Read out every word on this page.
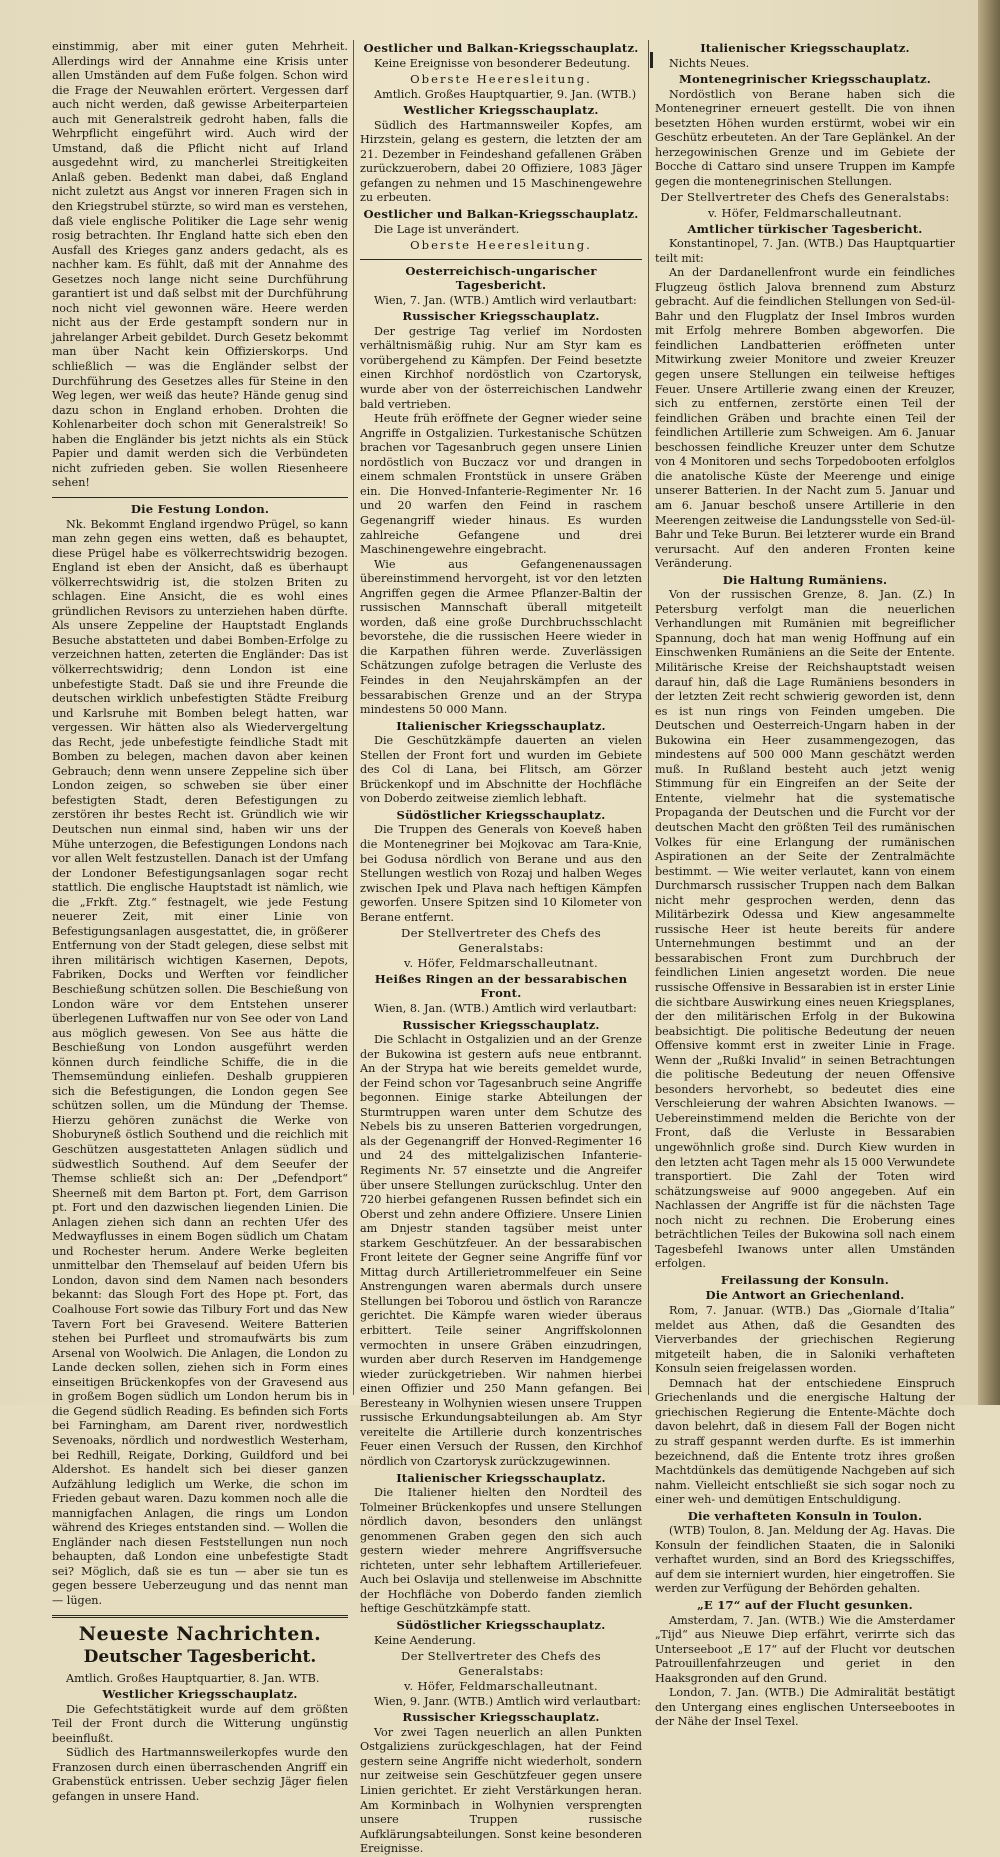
einstimmig, aber mit einer guten Mehrheit. Allerdings wird der Annahme eine Krisis unter allen Umständen auf dem Fuße folgen. Schon wird die Frage der Neuwahlen erörtert. Vergessen darf auch nicht werden, daß gewisse Arbeiterparteien auch mit Generalstreik gedroht haben, falls die Wehrpflicht eingeführt wird. Auch wird der Umstand, daß die Pflicht nicht auf Irland ausgedehnt wird, zu mancherlei Streitigkeiten Anlaß geben. Bedenkt man dabei, daß England nicht zuletzt aus Angst vor inneren Fragen sich in den Kriegstrubel stürzte, so wird man es verstehen, daß viele englische Politiker die Lage sehr wenig rosig betrachten. Ihr England hatte sich eben den Ausfall des Krieges ganz anders gedacht, als es nachher kam. Es fühlt, daß mit der Annahme des Gesetzes noch lange nicht seine Durchführung garantiert ist und daß selbst mit der Durchführung noch nicht viel gewonnen wäre. Heere werden nicht aus der Erde gestampft sondern nur in jahrelanger Arbeit gebildet. Durch Gesetz bekommt man über Nacht kein Offizierskorps. Und schließlich — was die Engländer selbst der Durchführung des Gesetzes alles für Steine in den Weg legen, wer weiß das heute? Hände genug sind dazu schon in England erhoben. Drohten die Kohlenarbeiter doch schon mit Generalstreik! So haben die Engländer bis jetzt nichts als ein Stück Papier und damit werden sich die Verbündeten nicht zufrieden geben. Sie wollen Riesenheere sehen!

Die Festung London.

Nk. Bekommt England irgendwo Prügel, so kann man zehn gegen eins wetten, daß es behauptet, diese Prügel habe es völkerrechtswidrig bezogen. England ist eben der Ansicht, daß es überhaupt völkerrechtswidrig ist, die stolzen Briten zu schlagen. Eine Ansicht, die es wohl eines gründlichen Revisors zu unterziehen haben dürfte. Als unsere Zeppeline der Hauptstadt Englands Besuche abstatteten und dabei Bomben-Erfolge zu verzeichnen hatten, zeterten die Engländer: Das ist völkerrechtswidrig; denn London ist eine unbefestigte Stadt. Daß sie und ihre Freunde die deutschen wirklich unbefestigten Städte Freiburg und Karlsruhe mit Bomben belegt hatten, war vergessen. Wir hätten also als Wiedervergeltung das Recht, jede unbefestigte feindliche Stadt mit Bomben zu belegen, machen davon aber keinen Gebrauch; denn wenn unsere Zeppeline sich über London zeigen, so schweben sie über einer befestigten Stadt, deren Befestigungen zu zerstören ihr bestes Recht ist. Gründlich wie wir Deutschen nun einmal sind, haben wir uns der Mühe unterzogen, die Befestigungen Londons nach vor allen Welt festzustellen. Danach ist der Umfang der Londoner Befestigungsanlagen sogar recht stattlich. Die englische Hauptstadt ist nämlich, wie die „Frkft. Ztg.“ festnagelt, wie jede Festung neuerer Zeit, mit einer Linie von Befestigungsanlagen ausgestattet, die, in größerer Entfernung von der Stadt gelegen, diese selbst mit ihren militärisch wichtigen Kasernen, Depots, Fabriken, Docks und Werften vor feindlicher Beschießung schützen sollen. Die Beschießung von London wäre vor dem Entstehen unserer überlegenen Luftwaffen nur von See oder von Land aus möglich gewesen. Von See aus hätte die Beschießung von London ausgeführt werden können durch feindliche Schiffe, die in die Themsemündung einliefen. Deshalb gruppieren sich die Befestigungen, die London gegen See schützen sollen, um die Mündung der Themse. Hierzu gehören zunächst die Werke von Shoburyneß östlich Southend und die reichlich mit Geschützen ausgestatteten Anlagen südlich und südwestlich Southend. Auf dem Seeufer der Themse schließt sich an: Der „Defendport“ Sheerneß mit dem Barton pt. Fort, dem Garrison pt. Fort und den dazwischen liegenden Linien. Die Anlagen ziehen sich dann an rechten Ufer des Medwayflusses in einem Bogen südlich um Chatam und Rochester herum. Andere Werke begleiten unmittelbar den Themselauf auf beiden Ufern bis London, davon sind dem Namen nach besonders bekannt: das Slough Fort des Hope pt. Fort, das Coalhouse Fort sowie das Tilbury Fort und das New Tavern Fort bei Gravesend. Weitere Batterien stehen bei Purfleet und stromaufwärts bis zum Arsenal von Woolwich. Die Anlagen, die London zu Lande decken sollen, ziehen sich in Form eines einseitigen Brückenkopfes von der Gravesend aus in großem Bogen südlich um London herum bis in die Gegend südlich Reading. Es befinden sich Forts bei Farningham, am Darent river, nordwestlich Sevenoaks, nördlich und nordwestlich Westerham, bei Redhill, Reigate, Dorking, Guildford und bei Aldershot. Es handelt sich bei dieser ganzen Aufzählung lediglich um Werke, die schon im Frieden gebaut waren. Dazu kommen noch alle die mannigfachen Anlagen, die rings um London während des Krieges entstanden sind. — Wollen die Engländer nach diesen Feststellungen nun noch behaupten, daß London eine unbefestigte Stadt sei? Möglich, daß sie es tun — aber sie tun es gegen bessere Ueberzeugung und das nennt man — lügen.

Neueste Nachrichten.
Deutscher Tagesbericht.

Amtlich. Großes Hauptquartier, 8. Jan. WTB.

Westlicher Kriegsschauplatz.

Die Gefechtstätigkeit wurde auf dem größten Teil der Front durch die Witterung ungünstig beeinflußt.

Südlich des Hartmannsweilerkopfes wurde den Franzosen durch einen überraschenden Angriff ein Grabenstück entrissen. Ueber sechzig Jäger fielen gefangen in unsere Hand.

Oestlicher und Balkan-Kriegsschauplatz.

Keine Ereignisse von besonderer Bedeutung.

Oberste Heeresleitung.

Amtlich. Großes Hauptquartier, 9. Jan. (WTB.)

Westlicher Kriegsschauplatz.

Südlich des Hartmannsweiler Kopfes, am Hirzstein, gelang es gestern, die letzten der am 21. Dezember in Feindeshand gefallenen Gräben zurückzuerobern, dabei 20 Offiziere, 1083 Jäger gefangen zu nehmen und 15 Maschinengewehre zu erbeuten.

Oestlicher und Balkan-Kriegsschauplatz.

Die Lage ist unverändert.

Oberste Heeresleitung.
Oesterreichisch-ungarischer Tagesbericht.

Wien, 7. Jan. (WTB.) Amtlich wird verlautbart:

Russischer Kriegsschauplatz.

Der gestrige Tag verlief im Nordosten verhältnismäßig ruhig. Nur am Styr kam es vorübergehend zu Kämpfen. Der Feind besetzte einen Kirchhof nordöstlich von Czartorysk, wurde aber von der österreichischen Landwehr bald vertrieben.

Heute früh eröffnete der Gegner wieder seine Angriffe in Ostgalizien. Turkestanische Schützen brachen vor Tagesanbruch gegen unsere Linien nordöstlich von Buczacz vor und drangen in einem schmalen Frontstück in unsere Gräben ein. Die Honved-Infanterie-Regimenter Nr. 16 und 20 warfen den Feind in raschem Gegenangriff wieder hinaus. Es wurden zahlreiche Gefangene und drei Maschinengewehre eingebracht.

Wie aus Gefangenenaussagen übereinstimmend hervorgeht, ist vor den letzten Angriffen gegen die Armee Pflanzer-Baltin der russischen Mannschaft überall mitgeteilt worden, daß eine große Durchbruchsschlacht bevorstehe, die die russischen Heere wieder in die Karpathen führen werde. Zuverlässigen Schätzungen zufolge betragen die Verluste des Feindes in den Neujahrskämpfen an der bessarabischen Grenze und an der Strypa mindestens 50 000 Mann.

Italienischer Kriegsschauplatz.

Die Geschützkämpfe dauerten an vielen Stellen der Front fort und wurden im Gebiete des Col di Lana, bei Flitsch, am Görzer Brückenkopf und im Abschnitte der Hochfläche von Doberdo zeitweise ziemlich lebhaft.

Südöstlicher Kriegsschauplatz.

Die Truppen des Generals von Koeveß haben die Montenegriner bei Mojkovac am Tara-Knie, bei Godusa nördlich von Berane und aus den Stellungen westlich von Rozaj und halben Weges zwischen Ipek und Plava nach heftigen Kämpfen geworfen. Unsere Spitzen sind 10 Kilometer von Berane entfernt.

Der Stellvertreter des Chefs des Generalstabs:
v. Höfer, Feldmarschalleutnant.
Heißes Ringen an der bessarabischen Front.

Wien, 8. Jan. (WTB.) Amtlich wird verlautbart:

Russischer Kriegsschauplatz.

Die Schlacht in Ostgalizien und an der Grenze der Bukowina ist gestern aufs neue entbrannt. An der Strypa hat wie bereits gemeldet wurde, der Feind schon vor Tagesanbruch seine Angriffe begonnen. Einige starke Abteilungen der Sturmtruppen waren unter dem Schutze des Nebels bis zu unseren Batterien vorgedrungen, als der Gegenangriff der Honved-Regimenter 16 und 24 des mittelgalizischen Infanterie-Regiments Nr. 57 einsetzte und die Angreifer über unsere Stellungen zurückschlug. Unter den 720 hierbei gefangenen Russen befindet sich ein Oberst und zehn andere Offiziere. Unsere Linien am Dnjestr standen tagsüber meist unter starkem Geschützfeuer. An der bessarabischen Front leitete der Gegner seine Angriffe fünf vor Mittag durch Artillerietrommelfeuer ein Seine Anstrengungen waren abermals durch unsere Stellungen bei Toborou und östlich von Rarancze gerichtet. Die Kämpfe waren wieder überaus erbittert. Teile seiner Angriffskolonnen vermochten in unsere Gräben einzudringen, wurden aber durch Reserven im Handgemenge wieder zurückgetrieben. Wir nahmen hierbei einen Offizier und 250 Mann gefangen. Bei Beresteany in Wolhynien wiesen unsere Truppen russische Erkundungsabteilungen ab. Am Styr vereitelte die Artillerie durch konzentrisches Feuer einen Versuch der Russen, den Kirchhof nördlich von Czartorysk zurückzugewinnen.

Italienischer Kriegsschauplatz.

Die Italiener hielten den Nordteil des Tolmeiner Brückenkopfes und unsere Stellungen nördlich davon, besonders den unlängst genommenen Graben gegen den sich auch gestern wieder mehrere Angriffsversuche richteten, unter sehr lebhaftem Artilleriefeuer. Auch bei Oslavija und stellenweise im Abschnitte der Hochfläche von Doberdo fanden ziemlich heftige Geschützkämpfe statt.

Südöstlicher Kriegsschauplatz.

Keine Aenderung.

Der Stellvertreter des Chefs des Generalstabs:
v. Höfer, Feldmarschalleutnant.

Wien, 9. Janr. (WTB.) Amtlich wird verlautbart:

Russischer Kriegsschauplatz.

Vor zwei Tagen neuerlich an allen Punkten Ostgaliziens zurückgeschlagen, hat der Feind gestern seine Angriffe nicht wiederholt, sondern nur zeitweise sein Geschützfeuer gegen unsere Linien gerichtet. Er zieht Verstärkungen heran. Am Korminbach in Wolhynien versprengten unsere Truppen russische Aufklärungsabteilungen. Sonst keine besonderen Ereignisse.

Italienischer Kriegsschauplatz.

Nichts Neues.

Montenegrinischer Kriegsschauplatz.

Nordöstlich von Berane haben sich die Montenegriner erneuert gestellt. Die von ihnen besetzten Höhen wurden erstürmt, wobei wir ein Geschütz erbeuteten. An der Tare Geplänkel. An der herzegowinischen Grenze und im Gebiete der Bocche di Cattaro sind unsere Truppen im Kampfe gegen die montenegrinischen Stellungen.

Der Stellvertreter des Chefs des Generalstabs:
v. Höfer, Feldmarschalleutnant.
Amtlicher türkischer Tagesbericht.

Konstantinopel, 7. Jan. (WTB.) Das Hauptquartier teilt mit:

An der Dardanellenfront wurde ein feindliches Flugzeug östlich Jalova brennend zum Absturz gebracht. Auf die feindlichen Stellungen von Sed-ül-Bahr und den Flugplatz der Insel Imbros wurden mit Erfolg mehrere Bomben abgeworfen. Die feindlichen Landbatterien eröffneten unter Mitwirkung zweier Monitore und zweier Kreuzer gegen unsere Stellungen ein teilweise heftiges Feuer. Unsere Artillerie zwang einen der Kreuzer, sich zu entfernen, zerstörte einen Teil der feindlichen Gräben und brachte einen Teil der feindlichen Artillerie zum Schweigen. Am 6. Januar beschossen feindliche Kreuzer unter dem Schutze von 4 Monitoren und sechs Torpedobooten erfolglos die anatolische Küste der Meerenge und einige unserer Batterien. In der Nacht zum 5. Januar und am 6. Januar beschoß unsere Artillerie in den Meerengen zeitweise die Landungsstelle von Sed-ül-Bahr und Teke Burun. Bei letzterer wurde ein Brand verursacht. Auf den anderen Fronten keine Veränderung.

Die Haltung Rumäniens.

Von der russischen Grenze, 8. Jan. (Z.) In Petersburg verfolgt man die neuerlichen Verhandlungen mit Rumänien mit begreiflicher Spannung, doch hat man wenig Hoffnung auf ein Einschwenken Rumäniens an die Seite der Entente. Militärische Kreise der Reichshauptstadt weisen darauf hin, daß die Lage Rumäniens besonders in der letzten Zeit recht schwierig geworden ist, denn es ist nun rings von Feinden umgeben. Die Deutschen und Oesterreich-Ungarn haben in der Bukowina ein Heer zusammengezogen, das mindestens auf 500 000 Mann geschätzt werden muß. In Rußland besteht auch jetzt wenig Stimmung für ein Eingreifen an der Seite der Entente, vielmehr hat die systematische Propaganda der Deutschen und die Furcht vor der deutschen Macht den größten Teil des rumänischen Volkes für eine Erlangung der rumänischen Aspirationen an der Seite der Zentralmächte bestimmt. — Wie weiter verlautet, kann von einem Durchmarsch russischer Truppen nach dem Balkan nicht mehr gesprochen werden, denn das Militärbezirk Odessa und Kiew angesammelte russische Heer ist heute bereits für andere Unternehmungen bestimmt und an der bessarabischen Front zum Durchbruch der feindlichen Linien angesetzt worden. Die neue russische Offensive in Bessarabien ist in erster Linie die sichtbare Auswirkung eines neuen Kriegsplanes, der den militärischen Erfolg in der Bukowina beabsichtigt. Die politische Bedeutung der neuen Offensive kommt erst in zweiter Linie in Frage. Wenn der „Rußki Invalid“ in seinen Betrachtungen die politische Bedeutung der neuen Offensive besonders hervorhebt, so bedeutet dies eine Verschleierung der wahren Absichten Iwanows. — Uebereinstimmend melden die Berichte von der Front, daß die Verluste in Bessarabien ungewöhnlich große sind. Durch Kiew wurden in den letzten acht Tagen mehr als 15 000 Verwundete transportiert. Die Zahl der Toten wird schätzungsweise auf 9000 angegeben. Auf ein Nachlassen der Angriffe ist für die nächsten Tage noch nicht zu rechnen. Die Eroberung eines beträchtlichen Teiles der Bukowina soll nach einem Tagesbefehl Iwanows unter allen Umständen erfolgen.

Freilassung der Konsuln.
Die Antwort an Griechenland.

Rom, 7. Januar. (WTB.) Das „Giornale d’Italia“ meldet aus Athen, daß die Gesandten des Vierverbandes der griechischen Regierung mitgeteilt haben, die in Saloniki verhafteten Konsuln seien freigelassen worden.

Demnach hat der entschiedene Einspruch Griechenlands und die energische Haltung der griechischen Regierung die Entente-Mächte doch davon belehrt, daß in diesem Fall der Bogen nicht zu straff gespannt werden durfte. Es ist immerhin bezeichnend, daß die Entente trotz ihres großen Machtdünkels das demütigende Nachgeben auf sich nahm. Vielleicht entschließt sie sich sogar noch zu einer weh- und demütigen Entschuldigung.

Die verhafteten Konsuln in Toulon.

(WTB) Toulon, 8. Jan. Meldung der Ag. Havas. Die Konsuln der feindlichen Staaten, die in Saloniki verhaftet wurden, sind an Bord des Kriegsschiffes, auf dem sie interniert wurden, hier eingetroffen. Sie werden zur Verfügung der Behörden gehalten.

„E 17“ auf der Flucht gesunken.

Amsterdam, 7. Jan. (WTB.) Wie die Amsterdamer „Tijd“ aus Nieuwe Diep erfährt, verirrte sich das Unterseeboot „E 17“ auf der Flucht vor deutschen Patrouillenfahrzeugen und geriet in den Haaksgronden auf den Grund.

London, 7. Jan. (WTB.) Die Admiralität bestätigt den Untergang eines englischen Unterseebootes in der Nähe der Insel Texel.
